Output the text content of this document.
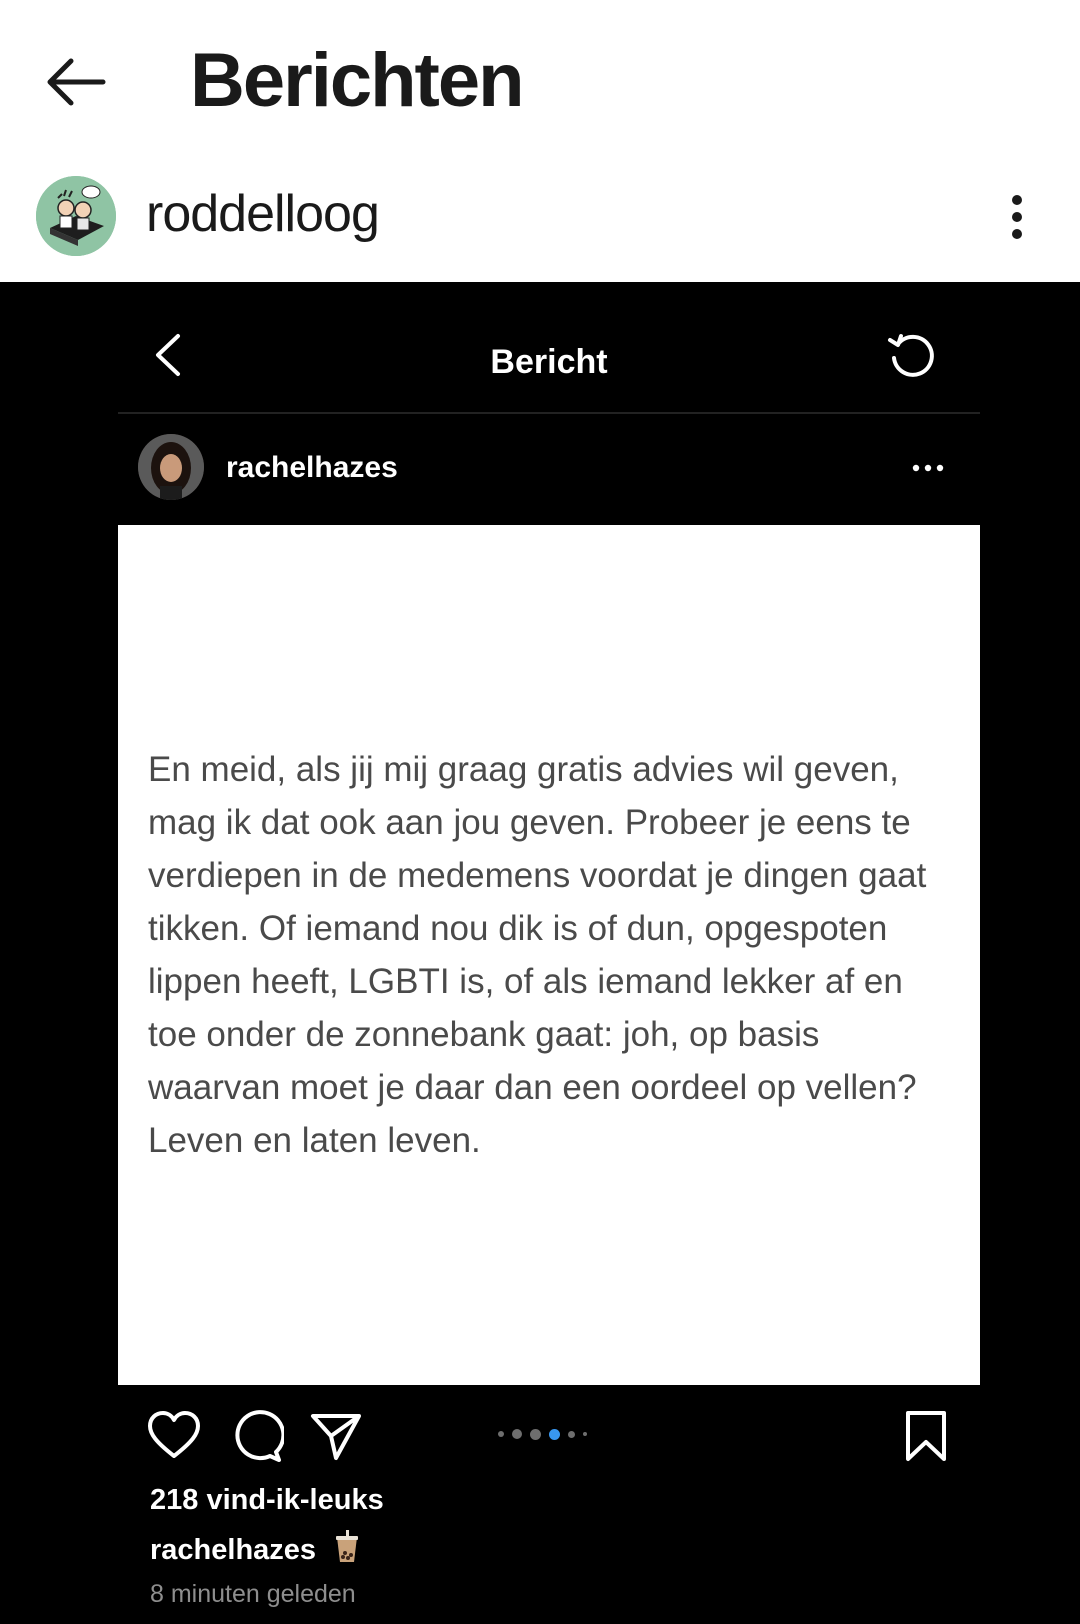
Berichten
roddelloog
Bericht
rachelhazes
En meid, als jij mij graag gratis advies wil geven, mag ik dat ook aan jou geven. Probeer je eens te verdiepen in de medemens voordat je dingen gaat tikken. Of iemand nou dik is of dun, opgespoten lippen heeft, LGBTI is, of als iemand lekker af en toe onder de zonnebank gaat: joh, op basis waarvan moet je daar dan een oordeel op vellen? Leven en laten leven.
218 vind-ik-leuks
rachelhazes
8 minuten geleden
